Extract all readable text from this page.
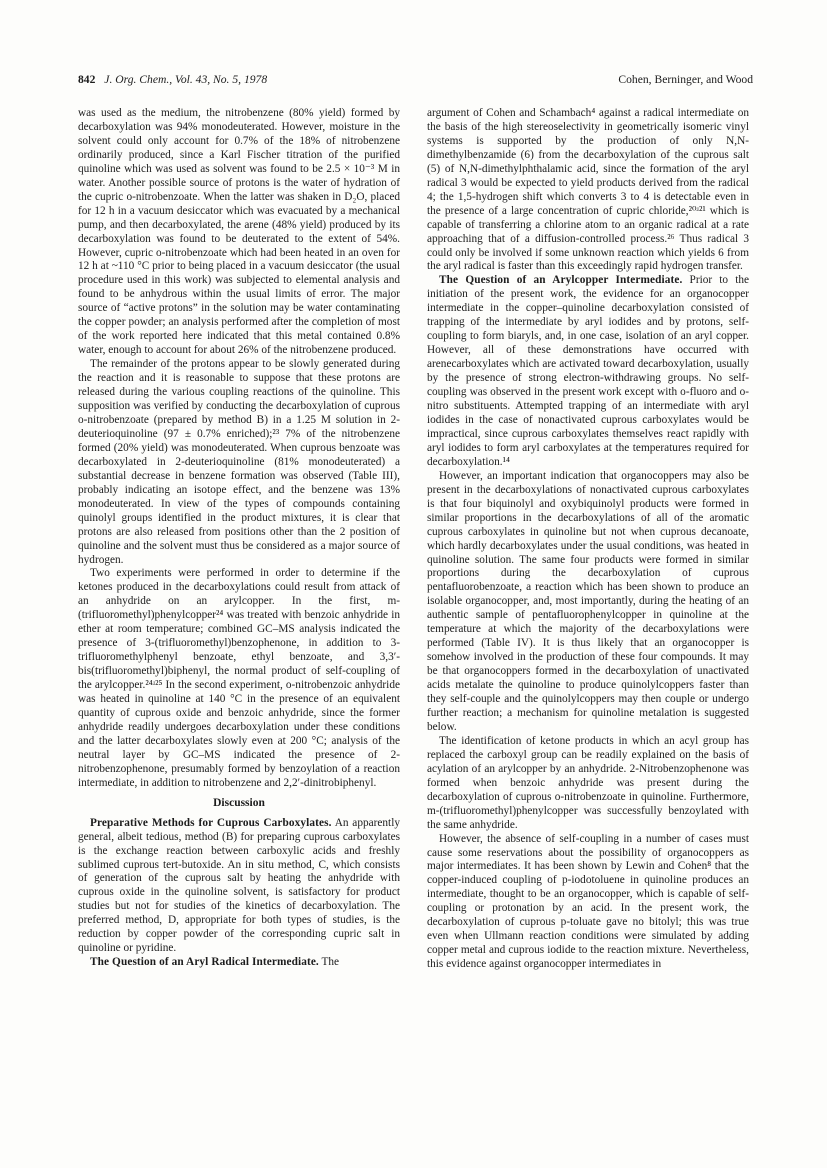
842 J. Org. Chem., Vol. 43, No. 5, 1978	Cohen, Berninger, and Wood

was used as the medium, the nitrobenzene (80% yield) formed by decarboxylation was 94% monodeuterated. However, moisture in the solvent could only account for 0.7% of the 18% of nitrobenzene ordinarily produced, since a Karl Fischer titration of the purified quinoline which was used as solvent was found to be 2.5 × 10⁻³ M in water. Another possible source of protons is the water of hydration of the cupric o-nitrobenzoate. When the latter was shaken in D₂O, placed for 12 h in a vacuum desiccator which was evacuated by a mechanical pump, and then decarboxylated, the arene (48% yield) produced by its decarboxylation was found to be deuterated to the extent of 54%. However, cupric o-nitrobenzoate which had been heated in an oven for 12 h at ~110 °C prior to being placed in a vacuum desiccator (the usual procedure used in this work) was subjected to elemental analysis and found to be anhydrous within the usual limits of error. The major source of “active protons” in the solution may be water contaminating the copper powder; an analysis performed after the completion of most of the work reported here indicated that this metal contained 0.8% water, enough to account for about 26% of the nitrobenzene produced.

The remainder of the protons appear to be slowly generated during the reaction and it is reasonable to suppose that these protons are released during the various coupling reactions of the quinoline. This supposition was verified by conducting the decarboxylation of cuprous o-nitrobenzoate (prepared by method B) in a 1.25 M solution in 2-deuterioquinoline (97 ± 0.7% enriched);²³ 7% of the nitrobenzene formed (20% yield) was monodeuterated. When cuprous benzoate was decarboxylated in 2-deuterioquinoline (81% monodeuterated) a substantial decrease in benzene formation was observed (Table III), probably indicating an isotope effect, and the benzene was 13% monodeuterated. In view of the types of compounds containing quinolyl groups identified in the product mixtures, it is clear that protons are also released from positions other than the 2 position of quinoline and the solvent must thus be considered as a major source of hydrogen.

Two experiments were performed in order to determine if the ketones produced in the decarboxylations could result from attack of an anhydride on an arylcopper. In the first, m-(trifluoromethyl)phenylcopper²⁴ was treated with benzoic anhydride in ether at room temperature; combined GC–MS analysis indicated the presence of 3-(trifluoromethyl)benzophenone, in addition to 3-trifluoromethylphenyl benzoate, ethyl benzoate, and 3,3′-bis(trifluoromethyl)biphenyl, the normal product of self-coupling of the arylcopper.²⁴ʴ²⁵ In the second experiment, o-nitrobenzoic anhydride was heated in quinoline at 140 °C in the presence of an equivalent quantity of cuprous oxide and benzoic anhydride, since the former anhydride readily undergoes decarboxylation under these conditions and the latter decarboxylates slowly even at 200 °C; analysis of the neutral layer by GC–MS indicated the presence of 2-nitrobenzophenone, presumably formed by benzoylation of a reaction intermediate, in addition to nitrobenzene and 2,2′-dinitrobiphenyl.

Discussion

Preparative Methods for Cuprous Carboxylates. An apparently general, albeit tedious, method (B) for preparing cuprous carboxylates is the exchange reaction between carboxylic acids and freshly sublimed cuprous tert-butoxide. An in situ method, C, which consists of generation of the cuprous salt by heating the anhydride with cuprous oxide in the quinoline solvent, is satisfactory for product studies but not for studies of the kinetics of decarboxylation. The preferred method, D, appropriate for both types of studies, is the reduction by copper powder of the corresponding cupric salt in quinoline or pyridine.

The Question of an Aryl Radical Intermediate. The

argument of Cohen and Schambach⁴ against a radical intermediate on the basis of the high stereoselectivity in geometrically isomeric vinyl systems is supported by the production of only N,N-dimethylbenzamide (6) from the decarboxylation of the cuprous salt (5) of N,N-dimethylphthalamic acid, since the formation of the aryl radical 3 would be expected to yield products derived from the radical 4; the 1,5-hydrogen shift which converts 3 to 4 is detectable even in the presence of a large concentration of cupric chloride,²⁰ʴ²¹ which is capable of transferring a chlorine atom to an organic radical at a rate approaching that of a diffusion-controlled process.²⁶ Thus radical 3 could only be involved if some unknown reaction which yields 6 from the aryl radical is faster than this exceedingly rapid hydrogen transfer.

The Question of an Arylcopper Intermediate. Prior to the initiation of the present work, the evidence for an organocopper intermediate in the copper–quinoline decarboxylation consisted of trapping of the intermediate by aryl iodides and by protons, self-coupling to form biaryls, and, in one case, isolation of an aryl copper. However, all of these demonstrations have occurred with arenecarboxylates which are activated toward decarboxylation, usually by the presence of strong electron-withdrawing groups. No self-coupling was observed in the present work except with o-fluoro and o-nitro substituents. Attempted trapping of an intermediate with aryl iodides in the case of nonactivated cuprous carboxylates would be impractical, since cuprous carboxylates themselves react rapidly with aryl iodides to form aryl carboxylates at the temperatures required for decarboxylation.¹⁴

However, an important indication that organocoppers may also be present in the decarboxylations of nonactivated cuprous carboxylates is that four biquinolyl and oxybiquinolyl products were formed in similar proportions in the decarboxylations of all of the aromatic cuprous carboxylates in quinoline but not when cuprous decanoate, which hardly decarboxylates under the usual conditions, was heated in quinoline solution. The same four products were formed in similar proportions during the decarboxylation of cuprous pentafluorobenzoate, a reaction which has been shown to produce an isolable organocopper, and, most importantly, during the heating of an authentic sample of pentafluorophenylcopper in quinoline at the temperature at which the majority of the decarboxylations were performed (Table IV). It is thus likely that an organocopper is somehow involved in the production of these four compounds. It may be that organocoppers formed in the decarboxylation of unactivated acids metalate the quinoline to produce quinolylcoppers faster than they self-couple and the quinolylcoppers may then couple or undergo further reaction; a mechanism for quinoline metalation is suggested below.

The identification of ketone products in which an acyl group has replaced the carboxyl group can be readily explained on the basis of acylation of an arylcopper by an anhydride. 2-Nitrobenzophenone was formed when benzoic anhydride was present during the decarboxylation of cuprous o-nitrobenzoate in quinoline. Furthermore, m-(trifluoromethyl)phenylcopper was successfully benzoylated with the same anhydride.

However, the absence of self-coupling in a number of cases must cause some reservations about the possibility of organocoppers as major intermediates. It has been shown by Lewin and Cohen⁸ that the copper-induced coupling of p-iodotoluene in quinoline produces an intermediate, thought to be an organocopper, which is capable of self-coupling or protonation by an acid. In the present work, the decarboxylation of cuprous p-toluate gave no bitolyl; this was true even when Ullmann reaction conditions were simulated by adding copper metal and cuprous iodide to the reaction mixture. Nevertheless, this evidence against organocopper intermediates in
